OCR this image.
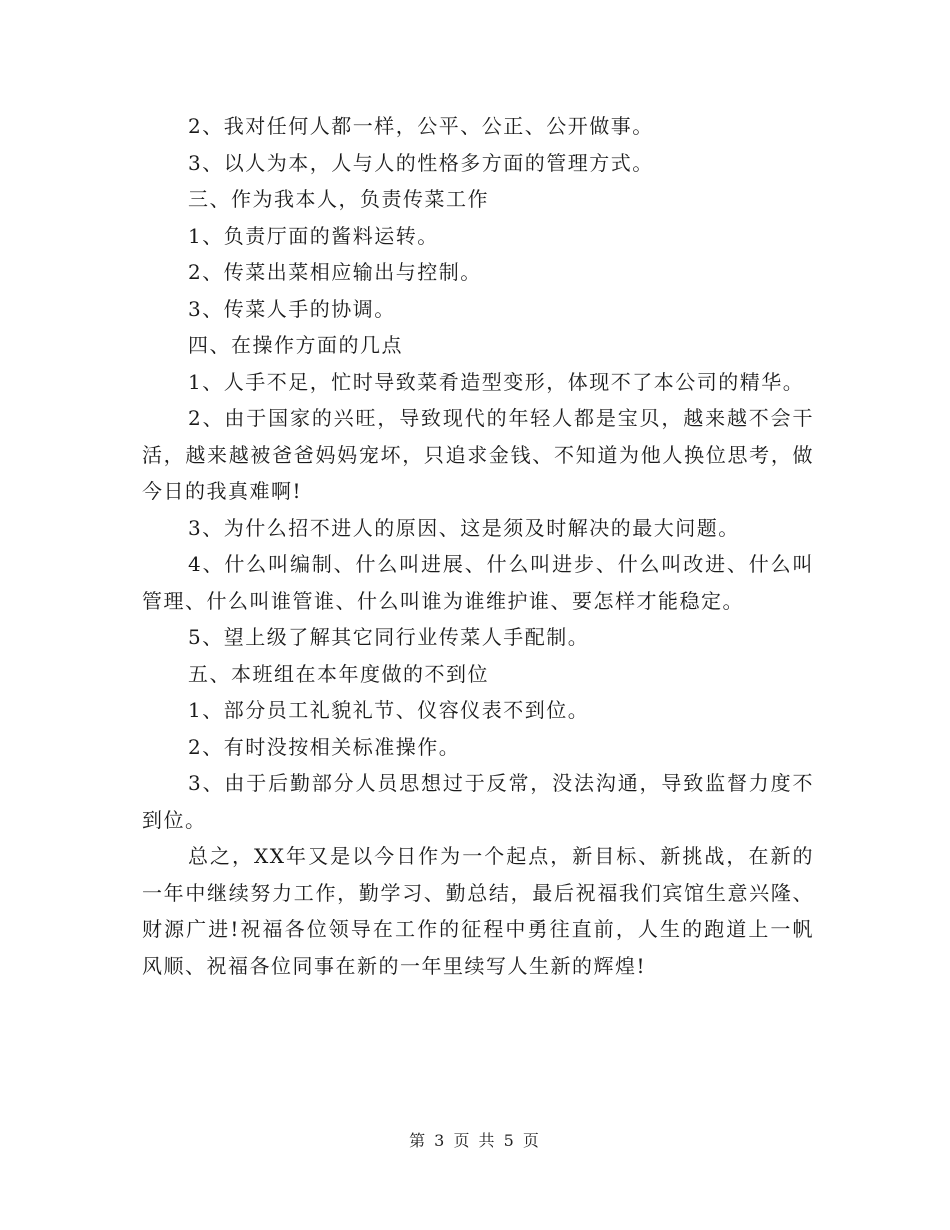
2、我对任何人都一样，公平、公正、公开做事。

3、以人为本，人与人的性格多方面的管理方式。

三、作为我本人，负责传菜工作

1、负责厅面的酱料运转。

2、传菜出菜相应输出与控制。

3、传菜人手的协调。

四、在操作方面的几点

1、人手不足，忙时导致菜肴造型变形，体现不了本公司的精华。

2、由于国家的兴旺，导致现代的年轻人都是宝贝，越来越不会干活，越来越被爸爸妈妈宠坏，只追求金钱、不知道为他人换位思考，做今日的我真难啊!

3、为什么招不进人的原因、这是须及时解决的最大问题。

4、什么叫编制、什么叫进展、什么叫进步、什么叫改进、什么叫管理、什么叫谁管谁、什么叫谁为谁维护谁、要怎样才能稳定。

5、望上级了解其它同行业传菜人手配制。

五、本班组在本年度做的不到位

1、部分员工礼貌礼节、仪容仪表不到位。

2、有时没按相关标准操作。

3、由于后勤部分人员思想过于反常，没法沟通，导致监督力度不到位。

总之，XX年又是以今日作为一个起点，新目标、新挑战，在新的一年中继续努力工作，勤学习、勤总结，最后祝福我们宾馆生意兴隆、财源广进!祝福各位领导在工作的征程中勇往直前，人生的跑道上一帆风顺、祝福各位同事在新的一年里续写人生新的辉煌!

第 3 页 共 5 页
